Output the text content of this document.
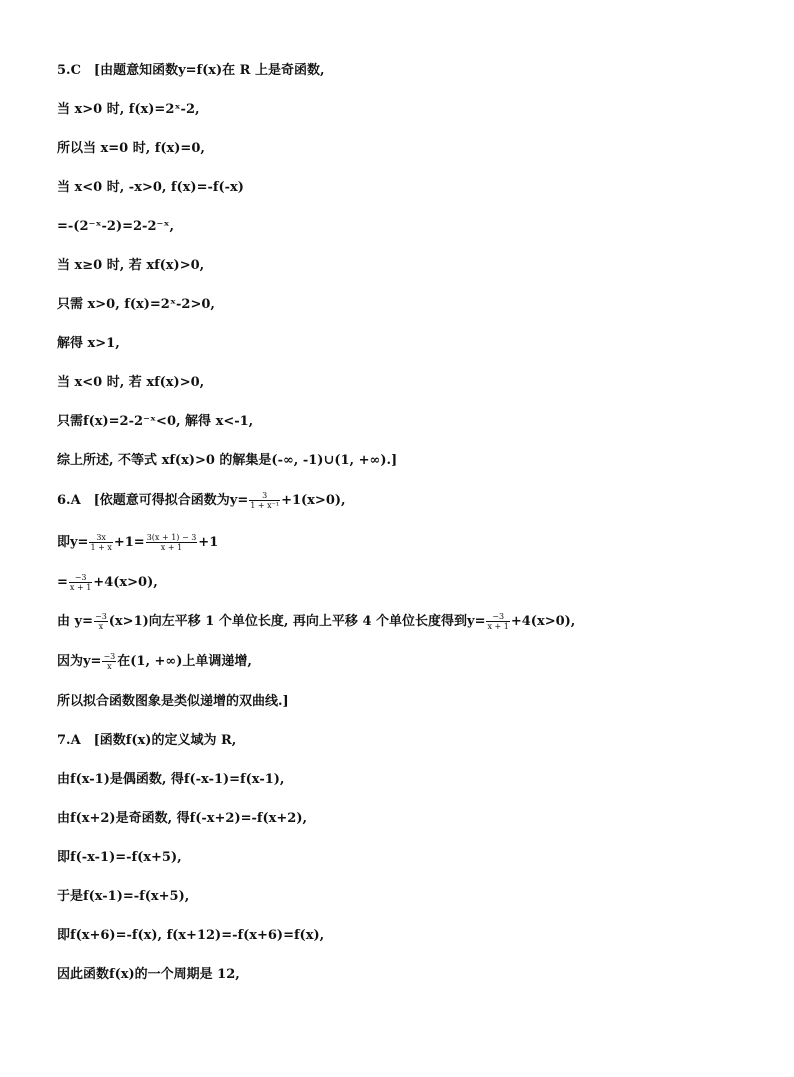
5.C　[由题意知函数y=f(x)在 R 上是奇函数,
当 x>0 时, f(x)=2ˣ-2,
所以当 x=0 时, f(x)=0,
当 x<0 时, -x>0, f(x)=-f(-x)
=-(2⁻ˣ-2)=2-2⁻ˣ,
当 x≥0 时, 若 xf(x)>0,
只需 x>0, f(x)=2ˣ-2>0,
解得 x>1,
当 x<0 时, 若 xf(x)>0,
只需f(x)=2-2⁻ˣ<0, 解得 x<-1,
综上所述, 不等式 xf(x)>0 的解集是(-∞, -1)∪(1, +∞).]
6.A　[依题意可得拟合函数为$y= \frac{3}{\text{1 + x⁻¹}} +1(x>0)$,
即$y= \frac{3x}{1 + x} +1= \frac{3(x + 1) - 3}{x + 1} +1$
= $\frac{-3}{x + 1} +4(x>0)$,
由 $y= \frac{-3}{x} (x>1)$向左平移 1 个单位长度, 再向上平移 4 个单位长度得到$y= \frac{-3}{x + 1} +4(x>0)$,
因为$y= \frac{-3}{x}$ 在(1, +∞)上单调递增,
所以拟合函数图象是类似递增的双曲线.]
7.A　[函数f(x)的定义域为 R,
由f(x-1)是偶函数, 得f(-x-1)=f(x-1),
由f(x+2)是奇函数, 得f(-x+2)=-f(x+2),
即f(-x-1)=-f(x+5),
于是f(x-1)=-f(x+5),
即f(x+6)=-f(x), f(x+12)=-f(x+6)=f(x),
因此函数f(x)的一个周期是 12,
